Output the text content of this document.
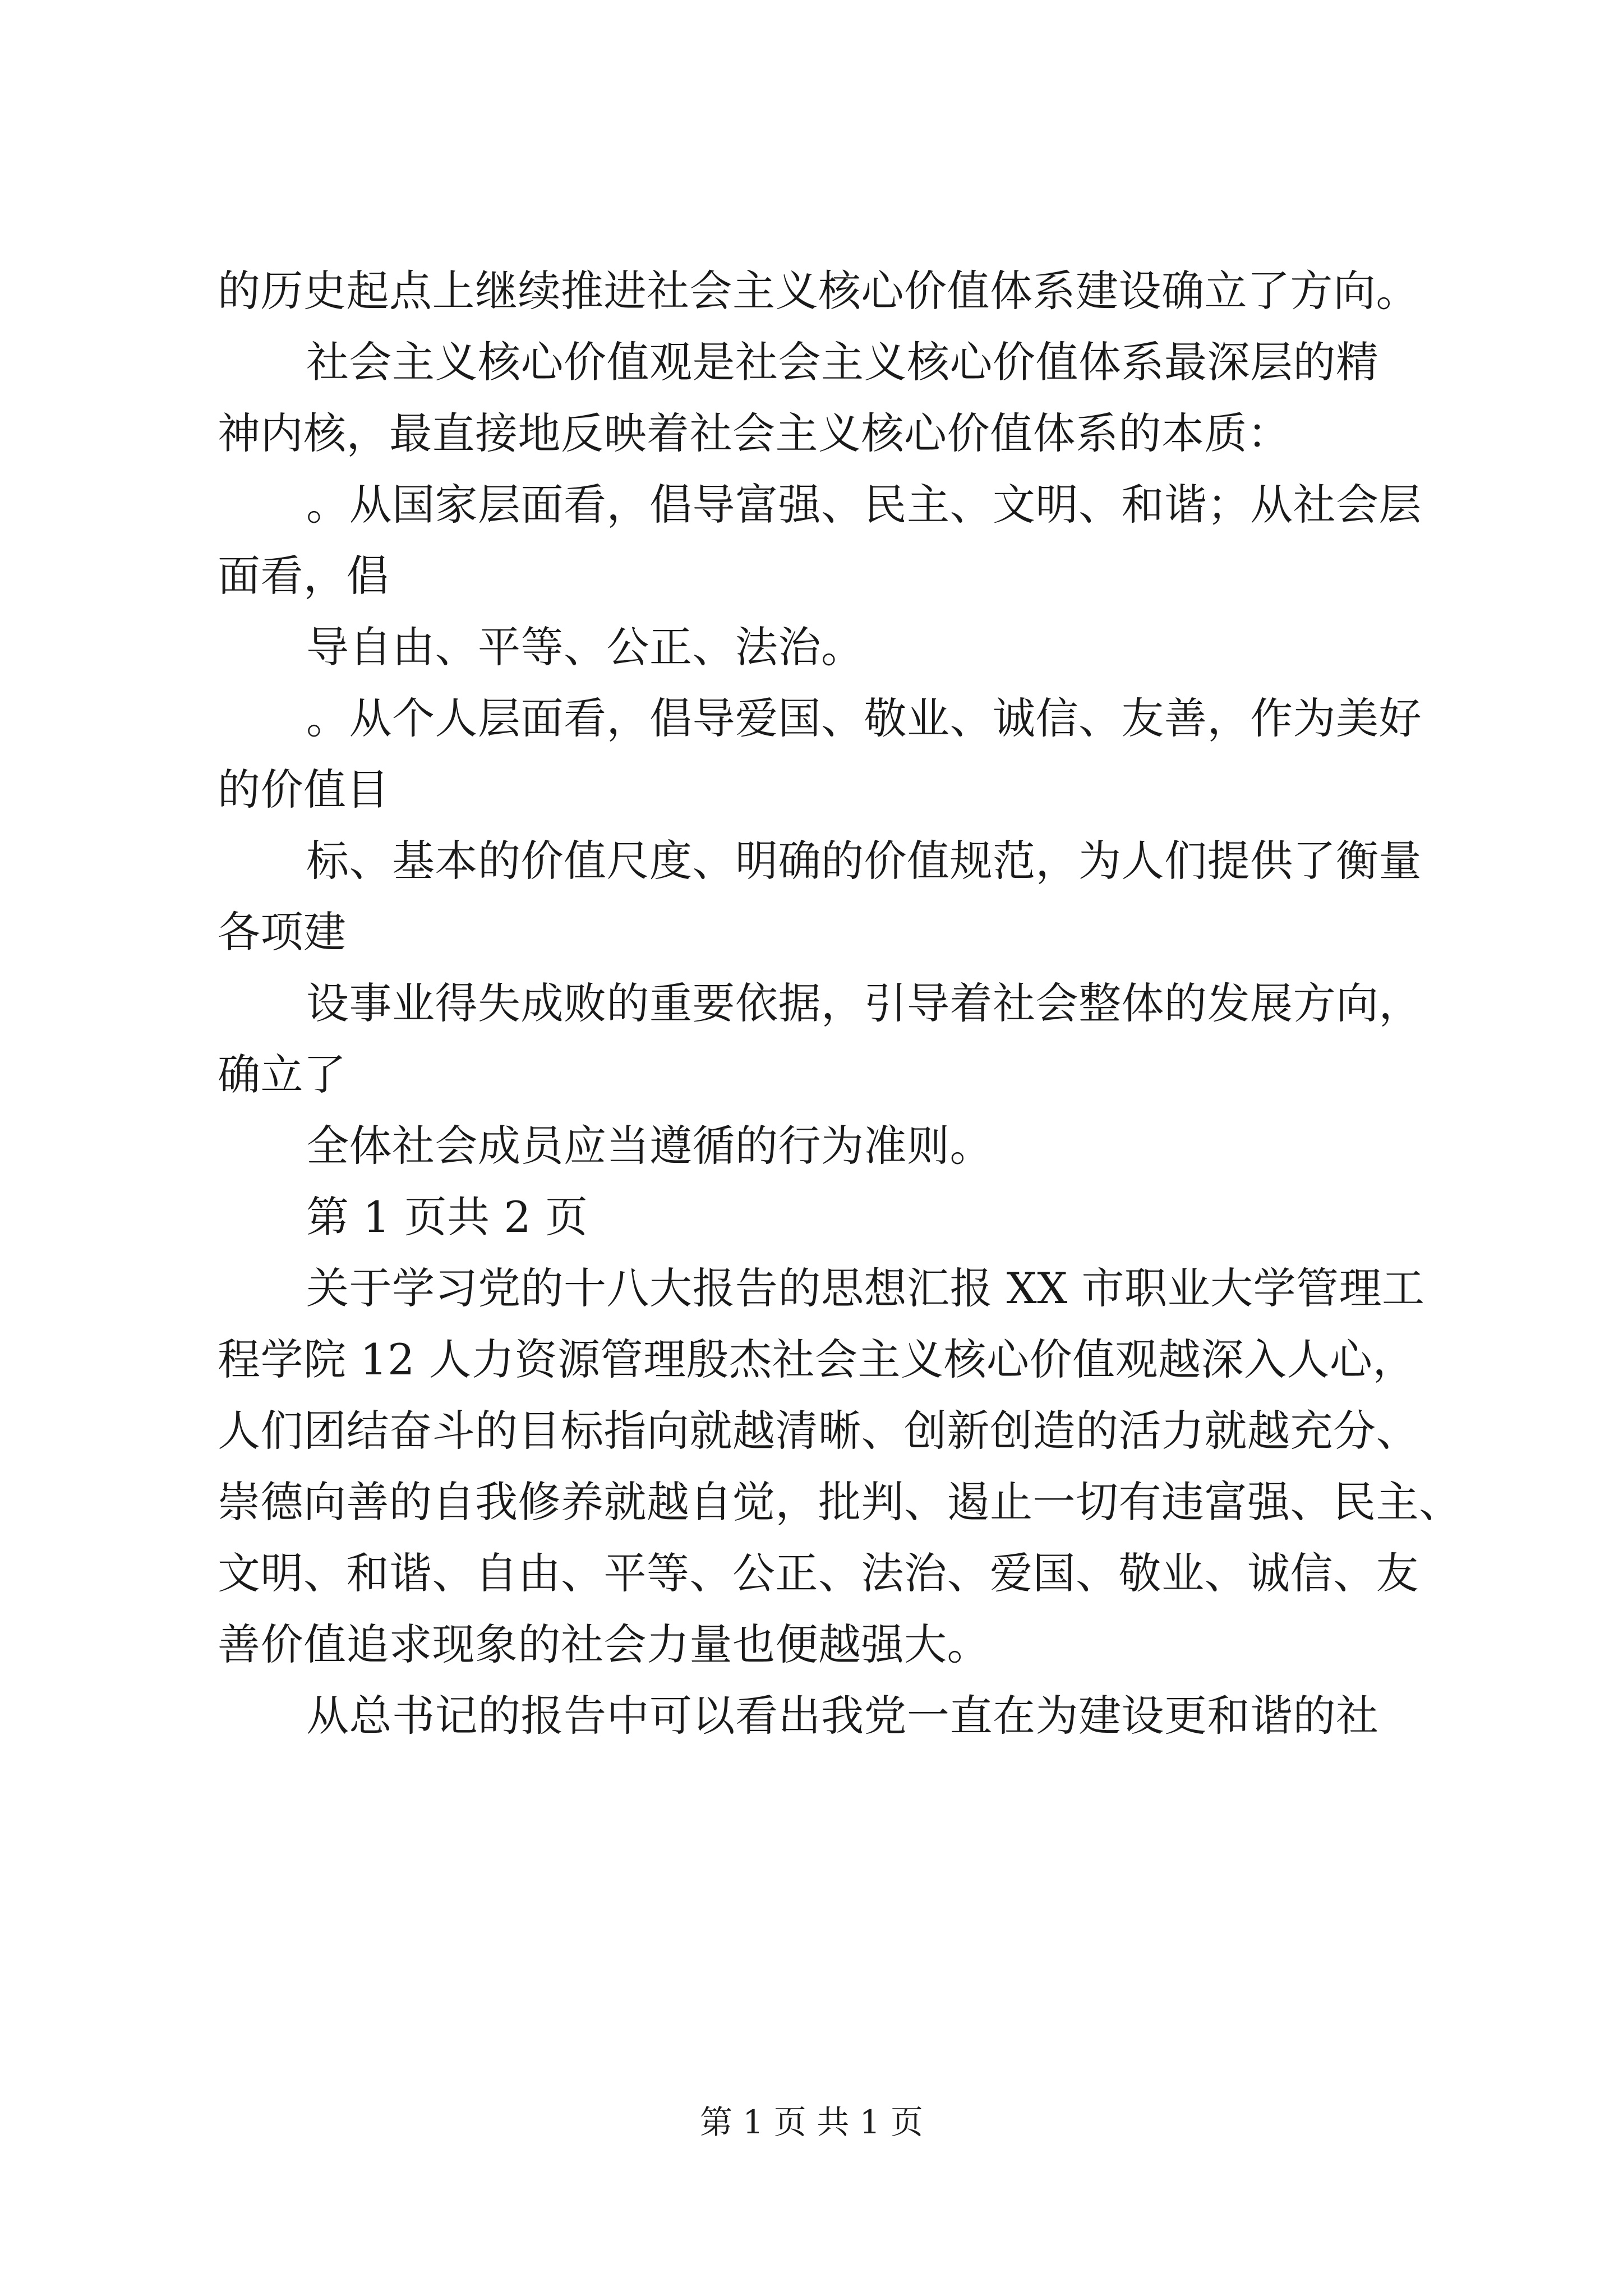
的历史起点上继续推进社会主义核心价值体系建设确立了方向。
社会主义核心价值观是社会主义核心价值体系最深层的精
神内核，最直接地反映着社会主义核心价值体系的本质：
。从国家层面看，倡导富强、民主、文明、和谐；从社会层
面看，倡
导自由、平等、公正、法治。
。从个人层面看，倡导爱国、敬业、诚信、友善，作为美好
的价值目
标、基本的价值尺度、明确的价值规范，为人们提供了衡量
各项建
设事业得失成败的重要依据，引导着社会整体的发展方向，
确立了
全体社会成员应当遵循的行为准则。
第 1 页共 2 页
关于学习党的十八大报告的思想汇报 XX 市职业大学管理工
程学院 12 人力资源管理殷杰社会主义核心价值观越深入人心，
人们团结奋斗的目标指向就越清晰、创新创造的活力就越充分、
崇德向善的自我修养就越自觉，批判、遏止一切有违富强、民主、
文明、和谐、自由、平等、公正、法治、爱国、敬业、诚信、友
善价值追求现象的社会力量也便越强大。
从总书记的报告中可以看出我党一直在为建设更和谐的社
第 1 页 共 1 页
